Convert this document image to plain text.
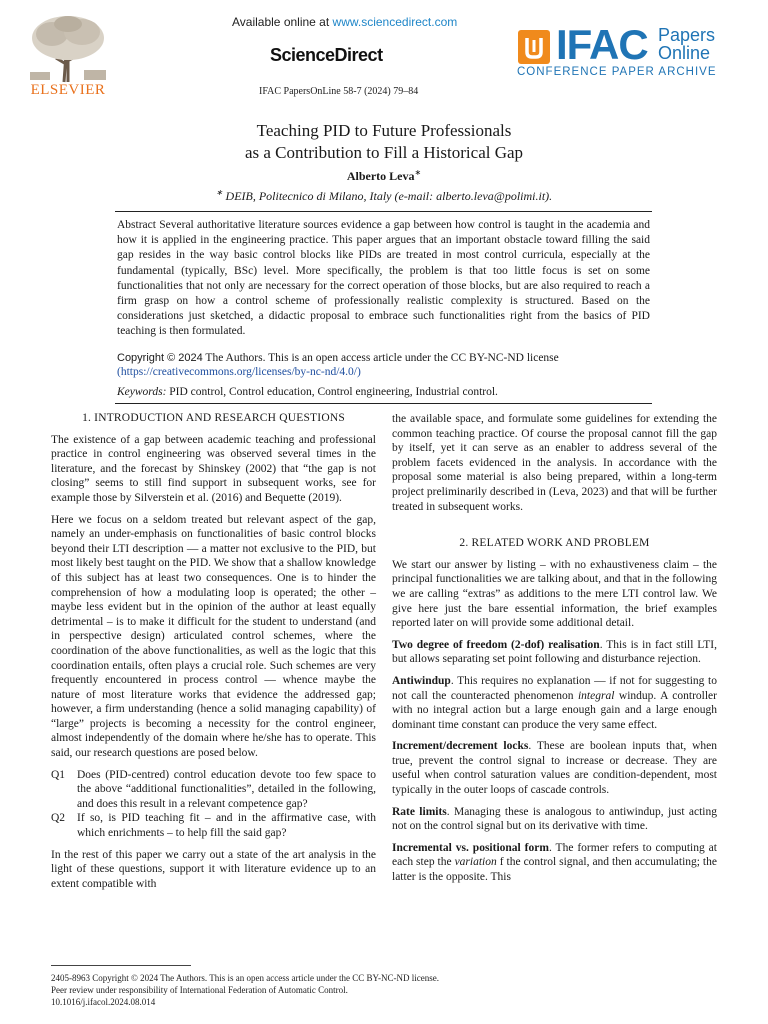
ELSEVIER
Available online at www.sciencedirect.com
ScienceDirect
IFAC PapersOnLine 58-7 (2024) 79–84
IFAC Papers
Online
CONFERENCE PAPER ARCHIVE
Teaching PID to Future Professionals
as a Contribution to Fill a Historical Gap
Alberto Leva∗
∗ DEIB, Politecnico di Milano, Italy (e-mail: alberto.leva@polimi.it).
Abstract Several authoritative literature sources evidence a gap between how control is taught in the academia and how it is applied in the engineering practice. This paper argues that an important obstacle toward filling the said gap resides in the way basic control blocks like PIDs are treated in most control curricula, especially at the fundamental (typically, BSc) level. More specifically, the problem is that too little focus is set on some functionalities that not only are necessary for the correct operation of those blocks, but are also required to reach a firm grasp on how a control scheme of professionally realistic complexity is structured. Based on the considerations just sketched, a didactic proposal to embrace such functionalities right from the basics of PID teaching is then formulated.
Copyright © 2024 The Authors. This is an open access article under the CC BY-NC-ND license
(https://creativecommons.org/licenses/by-nc-nd/4.0/)
Keywords: PID control, Control education, Control engineering, Industrial control.

1. INTRODUCTION AND RESEARCH QUESTIONS

The existence of a gap between academic teaching and professional practice in control engineering was observed several times in the literature, and the forecast by Shinskey (2002) that “the gap is not closing” seems to still find support in subsequent works, see for example those by Silverstein et al. (2016) and Bequette (2019).

Here we focus on a seldom treated but relevant aspect of the gap, namely an under-emphasis on functionalities of basic control blocks beyond their LTI description — a matter not exclusive to the PID, but most likely best taught on the PID. We show that a shallow knowledge of this subject has at least two consequences. One is to hinder the comprehension of how a modulating loop is operated; the other – maybe less evident but in the opinion of the author at least equally detrimental – is to make it difficult for the student to understand (and in perspective design) articulated control schemes, where the coordination of the above functionalities, as well as the logic that this coordination entails, often plays a crucial role. Such schemes are very frequently encountered in process control — whence maybe the nature of most literature works that evidence the addressed gap; however, a firm understanding (hence a solid managing capability) of “large” projects is becoming a necessity for the control engineer, almost independently of the domain where he/she has to operate. This said, our research questions are posed below.

Q1	Does (PID-centred) control education devote too few space to the above “additional functionalities”, detailed in the following, and does this result in a relevant competence gap?
Q2	If so, is PID teaching fit – and in the affirmative case, with which enrichments – to help fill the said gap?

In the rest of this paper we carry out a state of the art analysis in the light of these questions, support it with literature evidence up to an extent compatible with

the available space, and formulate some guidelines for extending the common teaching practice. Of course the proposal cannot fill the gap by itself, yet it can serve as an enabler to address several of the problem facets evidenced in the analysis. In accordance with the proposal some material is also being prepared, within a long-term project preliminarily described in (Leva, 2023) and that will be further treated in subsequent works.

2. RELATED WORK AND PROBLEM

We start our answer by listing – with no exhaustiveness claim – the principal functionalities we are talking about, and that in the following we are calling “extras” as additions to the mere LTI control law. We give here just the bare essential information, the brief examples reported later on will provide some additional detail.

Two degree of freedom (2-dof) realisation. This is in fact still LTI, but allows separating set point following and disturbance rejection.

Antiwindup. This requires no explanation — if not for suggesting to not call the counteracted phenomenon integral windup. A controller with no integral action but a large enough gain and a large enough dominant time constant can produce the very same effect.

Increment/decrement locks. These are boolean inputs that, when true, prevent the control signal to increase or decrease. They are useful when control saturation values are condition-dependent, most typically in the outer loops of cascade controls.

Rate limits. Managing these is analogous to antiwindup, just acting not on the control signal but on its derivative with time.

Incremental vs. positional form. The former refers to computing at each step the variation f the control signal, and then accumulating; the latter is the opposite. This

2405-8963 Copyright © 2024 The Authors. This is an open access article under the CC BY-NC-ND license.
Peer review under responsibility of International Federation of Automatic Control.
10.1016/j.ifacol.2024.08.014
